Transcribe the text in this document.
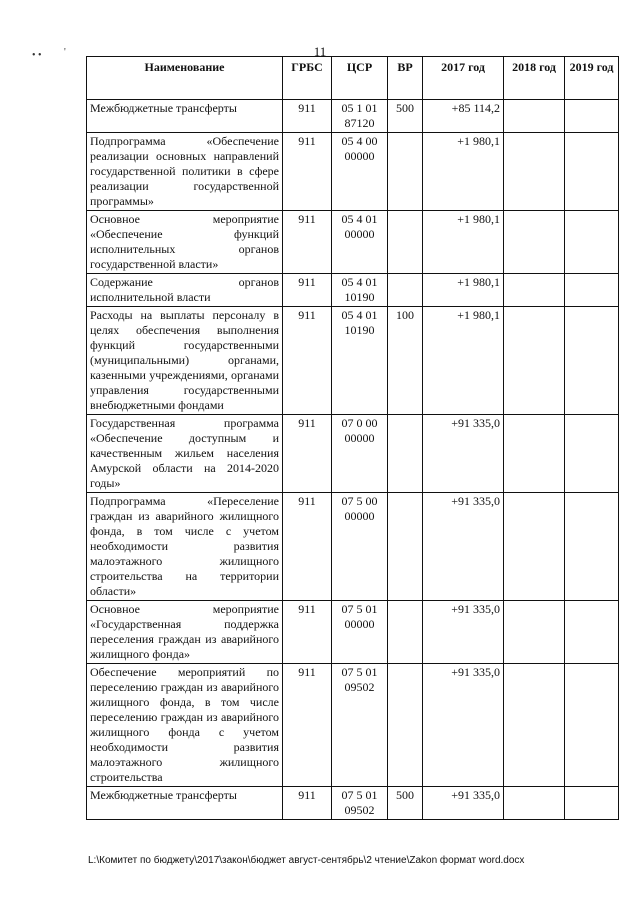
11
• • '
Наименование	ГРБС	ЦСР	ВР	2017 год	2018 год	2019 год
Межбюджетные трансферты	911	05 1 01 87120	500	+85 114,2		
Подпрограмма «Обеспечение реализации основных направлений государственной политики в сфере реализации государственной программы»	911	05 4 00 00000		+1 980,1		
Основное мероприятие «Обеспечение функций исполнительных органов государственной власти»	911	05 4 01 00000		+1 980,1		
Содержание органов исполнительной власти	911	05 4 01 10190		+1 980,1		
Расходы на выплаты персоналу в целях обеспечения выполнения функций государственными (муниципальными) органами, казенными учреждениями, органами управления государственными внебюджетными фондами	911	05 4 01 10190	100	+1 980,1		
Государственная программа «Обеспечение доступным и качественным жильем населения Амурской области на 2014-2020 годы»	911	07 0 00 00000		+91 335,0		
Подпрограмма «Переселение граждан из аварийного жилищного фонда, в том числе с учетом необходимости развития малоэтажного жилищного строительства на территории области»	911	07 5 00 00000		+91 335,0		
Основное мероприятие «Государственная поддержка переселения граждан из аварийного жилищного фонда»	911	07 5 01 00000		+91 335,0		
Обеспечение мероприятий по переселению граждан из аварийного жилищного фонда, в том числе переселению граждан из аварийного жилищного фонда с учетом необходимости развития малоэтажного жилищного строительства	911	07 5 01 09502		+91 335,0		
Межбюджетные трансферты	911	07 5 01 09502	500	+91 335,0		
L:\Комитет по бюджету\2017\закон\бюджет август-сентябрь\2 чтение\Zakon формат word.docx
